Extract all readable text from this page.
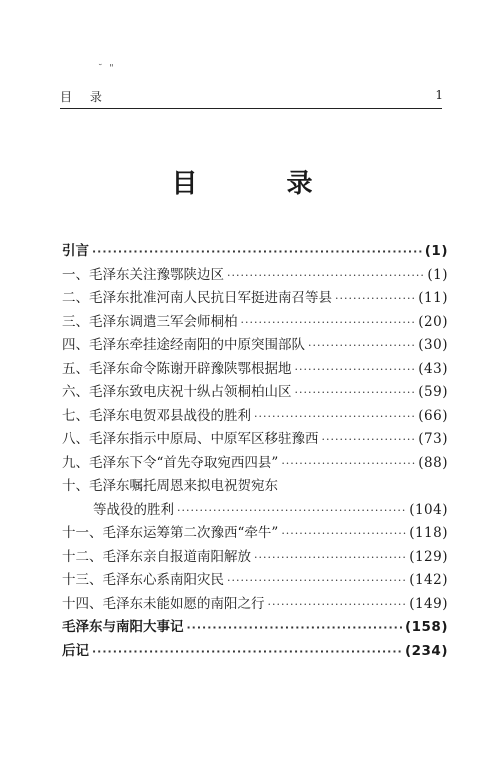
˘ "
目 录	1
目 录
引言 ·····	(1)
一、毛泽东关注豫鄂陕边区 ·····	(1)
二、毛泽东批准河南人民抗日军挺进南召等县 ·····	(11)
三、毛泽东调遣三军会师桐柏 ·····	(20)
四、毛泽东牵挂途经南阳的中原突围部队 ·····	(30)
五、毛泽东命令陈谢开辟豫陕鄂根据地 ·····	(43)
六、毛泽东致电庆祝十纵占领桐柏山区 ·····	(59)
七、毛泽东电贺邓县战役的胜利 ·····	(66)
八、毛泽东指示中原局、中原军区移驻豫西 ·····	(73)
九、毛泽东下令“首先夺取宛西四县” ·····	(88)
十、毛泽东嘱托周恩来拟电祝贺宛东
等战役的胜利 ·····	(104)
十一、毛泽东运筹第二次豫西“牵牛” ·····	(118)
十二、毛泽东亲自报道南阳解放 ·····	(129)
十三、毛泽东心系南阳灾民 ·····	(142)
十四、毛泽东未能如愿的南阳之行 ·····	(149)
毛泽东与南阳大事记 ·····	(158)
后记 ·····	(234)
